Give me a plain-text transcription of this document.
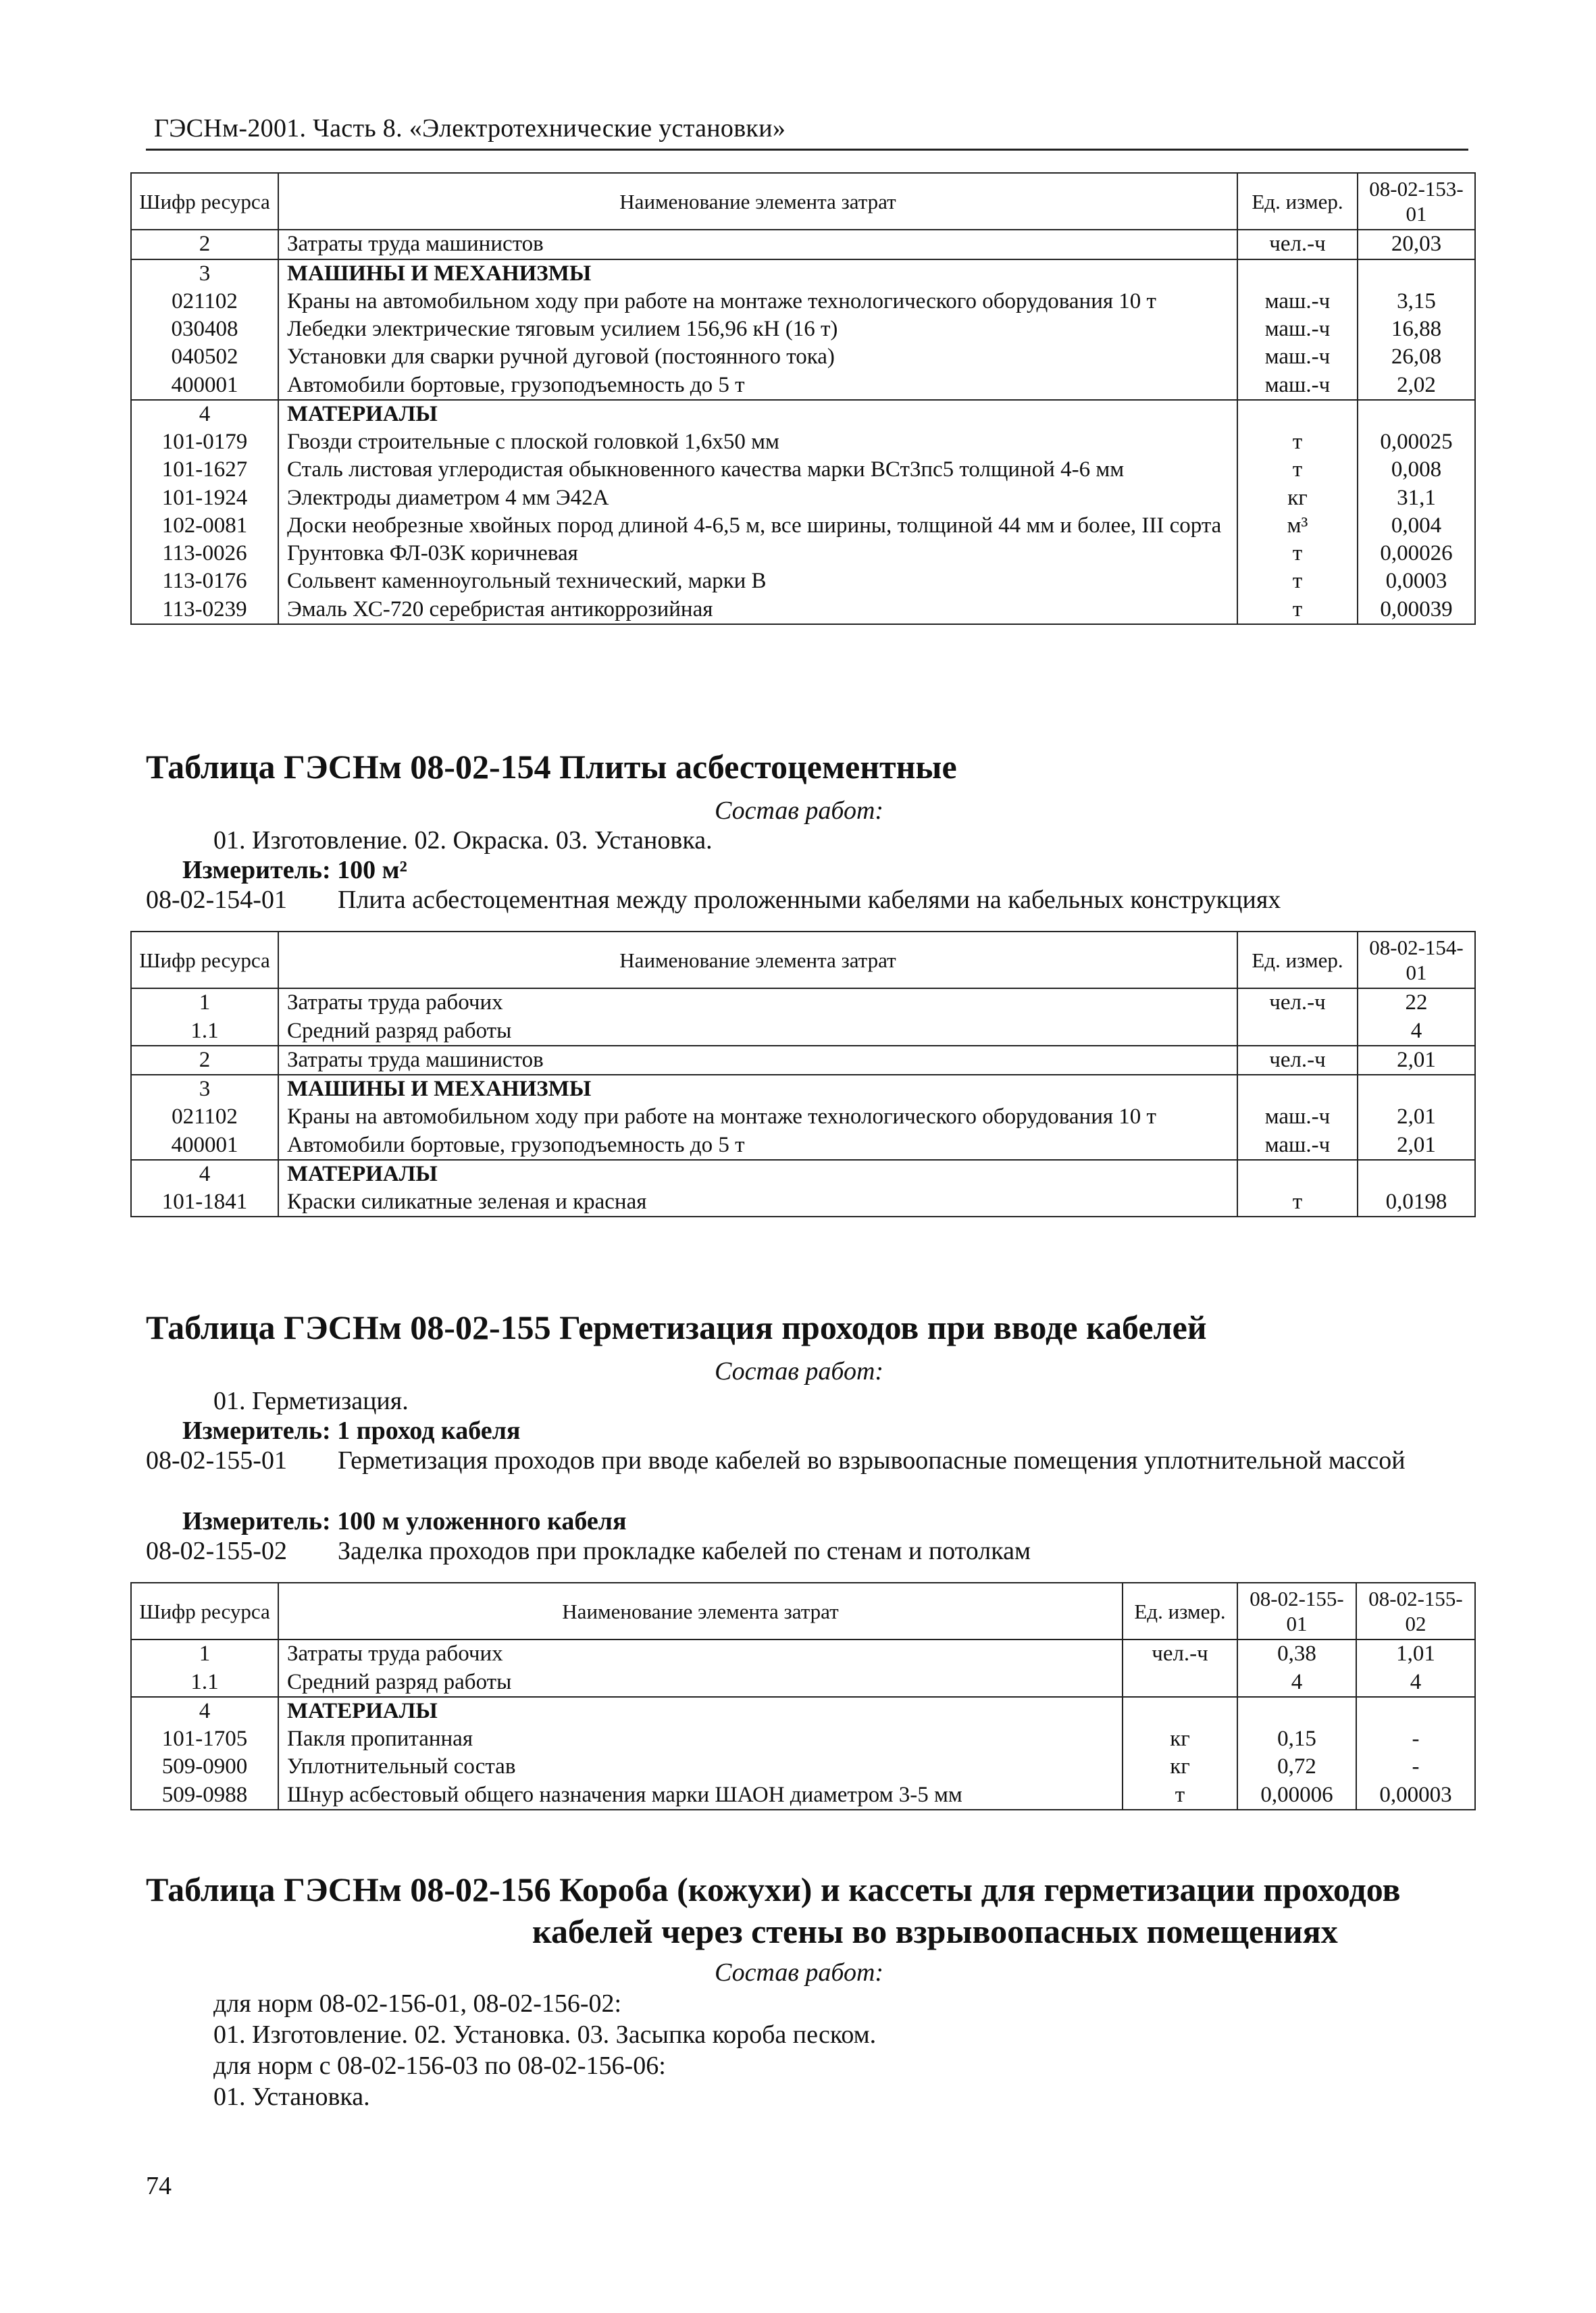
ГЭСНм-2001. Часть 8. «Электротехнические установки»
Шифр ресурса	Наименование элемента затрат	Ед. измер.	08-02-153-01
2	Затраты труда машинистов	чел.-ч	20,03
3	МАШИНЫ И МЕХАНИЗМЫ		
021102	Краны на автомобильном ходу при работе на монтаже технологического оборудования 10 т	маш.-ч	3,15
030408	Лебедки электрические тяговым усилием 156,96 кН (16 т)	маш.-ч	16,88
040502	Установки для сварки ручной дуговой (постоянного тока)	маш.-ч	26,08
400001	Автомобили бортовые, грузоподъемность до 5 т	маш.-ч	2,02
4	МАТЕРИАЛЫ		
101-0179	Гвозди строительные с плоской головкой 1,6х50 мм	т	0,00025
101-1627	Сталь листовая углеродистая обыкновенного качества марки ВСт3пс5 толщиной 4-6 мм	т	0,008
101-1924	Электроды диаметром 4 мм Э42А	кг	31,1
102-0081	Доски необрезные хвойных пород длиной 4-6,5 м, все ширины, толщиной 44 мм и более, III сорта	м³	0,004
113-0026	Грунтовка ФЛ-03К коричневая	т	0,00026
113-0176	Сольвент каменноугольный технический, марки В	т	0,0003
113-0239	Эмаль ХС-720 серебристая антикоррозийная	т	0,00039
Таблица ГЭСНм 08-02-154 Плиты асбестоцементные
Состав работ:
01. Изготовление. 02. Окраска. 03. Установка.
Измеритель: 100 м²
08-02-154-01 Плита асбестоцементная между проложенными кабелями на кабельных конструкциях
Шифр ресурса	Наименование элемента затрат	Ед. измер.	08-02-154-01
1	Затраты труда рабочих	чел.-ч	22
1.1	Средний разряд работы		4
2	Затраты труда машинистов	чел.-ч	2,01
3	МАШИНЫ И МЕХАНИЗМЫ		
021102	Краны на автомобильном ходу при работе на монтаже технологического оборудования 10 т	маш.-ч	2,01
400001	Автомобили бортовые, грузоподъемность до 5 т	маш.-ч	2,01
4	МАТЕРИАЛЫ		
101-1841	Краски силикатные зеленая и красная	т	0,0198
Таблица ГЭСНм 08-02-155 Герметизация проходов при вводе кабелей
Состав работ:
01. Герметизация.
Измеритель: 1 проход кабеля
08-02-155-01 Герметизация проходов при вводе кабелей во взрывоопасные помещения уплотнительной массой
Измеритель: 100 м уложенного кабеля
08-02-155-02 Заделка проходов при прокладке кабелей по стенам и потолкам
Шифр ресурса	Наименование элемента затрат	Ед. измер.	08-02-155-01	08-02-155-02
1	Затраты труда рабочих	чел.-ч	0,38	1,01
1.1	Средний разряд работы		4	4
4	МАТЕРИАЛЫ			
101-1705	Пакля пропитанная	кг	0,15	-
509-0900	Уплотнительный состав	кг	0,72	-
509-0988	Шнур асбестовый общего назначения марки ШАОН диаметром 3-5 мм	т	0,00006	0,00003
Таблица ГЭСНм 08-02-156 Короба (кожухи) и кассеты для герметизации проходов
кабелей через стены во взрывоопасных помещениях
Состав работ:
для норм 08-02-156-01, 08-02-156-02:
01. Изготовление. 02. Установка. 03. Засыпка короба песком.
для норм с 08-02-156-03 по 08-02-156-06:
01. Установка.
74
